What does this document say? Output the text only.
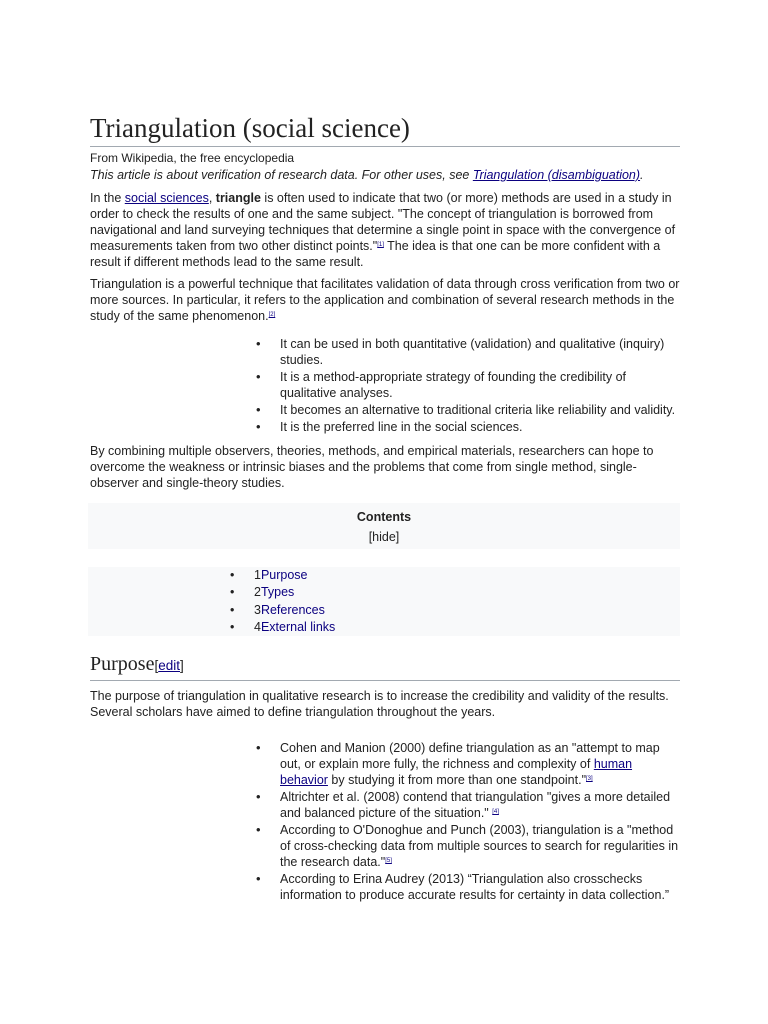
Triangulation (social science)
From Wikipedia, the free encyclopedia
This article is about verification of research data. For other uses, see Triangulation (disambiguation).

In the social sciences, triangle is often used to indicate that two (or more) methods are used in a study in order to check the results of one and the same subject. "The concept of triangulation is borrowed from navigational and land surveying techniques that determine a single point in space with the convergence of measurements taken from two other distinct points."[1] The idea is that one can be more confident with a result if different methods lead to the same result.

Triangulation is a powerful technique that facilitates validation of data through cross verification from two or more sources. In particular, it refers to the application and combination of several research methods in the study of the same phenomenon.[2]

• It can be used in both quantitative (validation) and qualitative (inquiry) studies.
• It is a method-appropriate strategy of founding the credibility of qualitative analyses.
• It becomes an alternative to traditional criteria like reliability and validity.
• It is the preferred line in the social sciences.

By combining multiple observers, theories, methods, and empirical materials, researchers can hope to overcome the weakness or intrinsic biases and the problems that come from single method, single-observer and single-theory studies.

Contents
[hide]
• 1Purpose
• 2Types
• 3References
• 4External links
Purpose[edit]

The purpose of triangulation in qualitative research is to increase the credibility and validity of the results. Several scholars have aimed to define triangulation throughout the years.

• Cohen and Manion (2000) define triangulation as an "attempt to map out, or explain more fully, the richness and complexity of human behavior by studying it from more than one standpoint."[3]
• Altrichter et al. (2008) contend that triangulation "gives a more detailed and balanced picture of the situation." [4]
• According to O'Donoghue and Punch (2003), triangulation is a "method of cross-checking data from multiple sources to search for regularities in the research data."[5]
• According to Erina Audrey (2013) “Triangulation also crosschecks information to produce accurate results for certainty in data collection.”
